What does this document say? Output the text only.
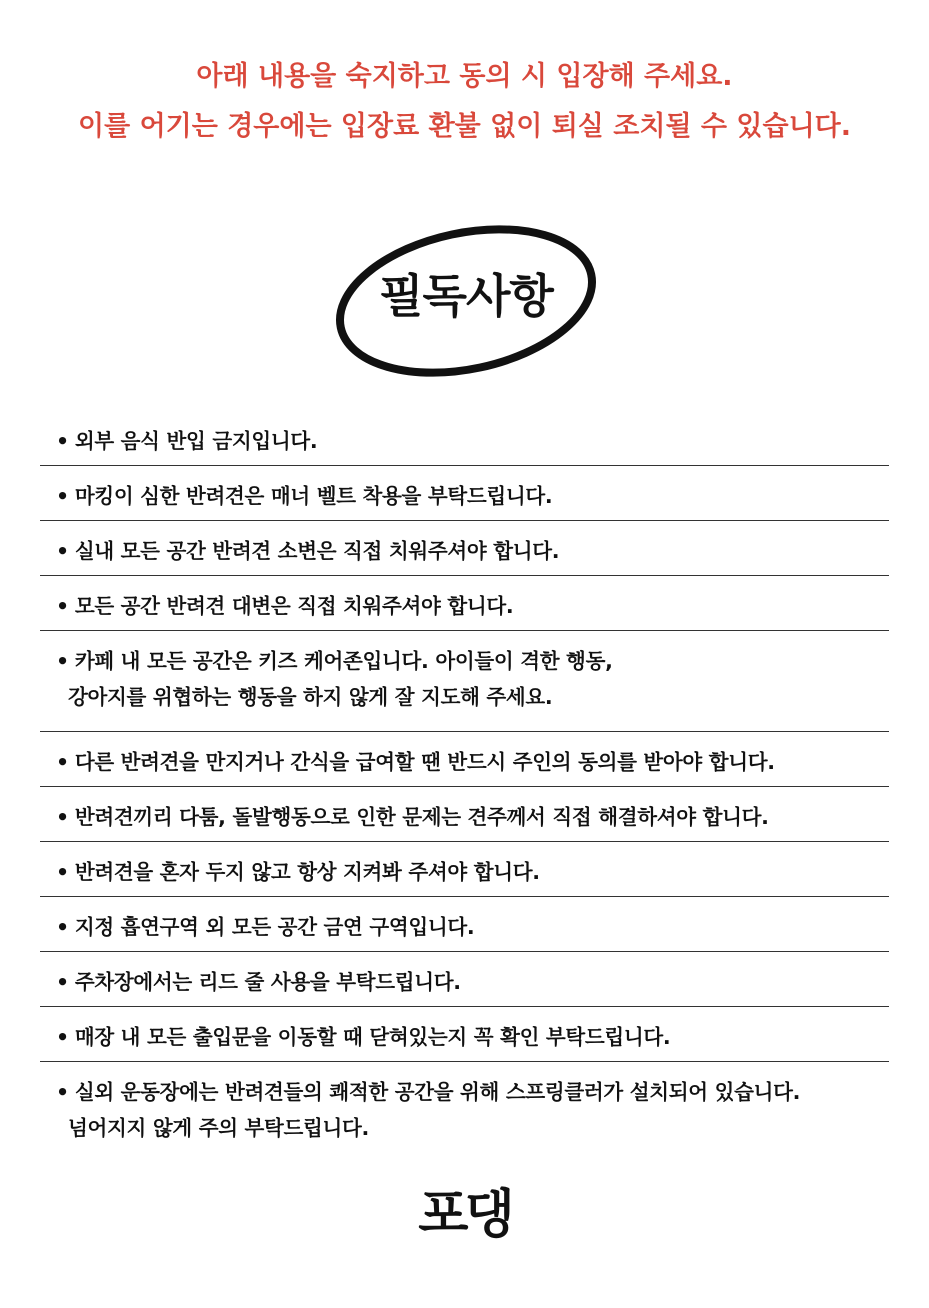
아래 내용을 숙지하고 동의 시 입장해 주세요.
이를 어기는 경우에는 입장료 환불 없이 퇴실 조치될 수 있습니다.
필독사항
• 외부 음식 반입 금지입니다.
• 마킹이 심한 반려견은 매너 벨트 착용을 부탁드립니다.
• 실내 모든 공간 반려견 소변은 직접 치워주셔야 합니다.
• 모든 공간 반려견 대변은 직접 치워주셔야 합니다.
• 카페 내 모든 공간은 키즈 케어존입니다. 아이들이 격한 행동,
강아지를 위협하는 행동을 하지 않게 잘 지도해 주세요.
• 다른 반려견을 만지거나 간식을 급여할 땐 반드시 주인의 동의를 받아야 합니다.
• 반려견끼리 다툼, 돌발행동으로 인한 문제는 견주께서 직접 해결하셔야 합니다.
• 반려견을 혼자 두지 않고 항상 지켜봐 주셔야 합니다.
• 지정 흡연구역 외 모든 공간 금연 구역입니다.
• 주차장에서는 리드 줄 사용을 부탁드립니다.
• 매장 내 모든 출입문을 이동할 때 닫혀있는지 꼭 확인 부탁드립니다.
• 실외 운동장에는 반려견들의 쾌적한 공간을 위해 스프링클러가 설치되어 있습니다.
넘어지지 않게 주의 부탁드립니다.
포댕
